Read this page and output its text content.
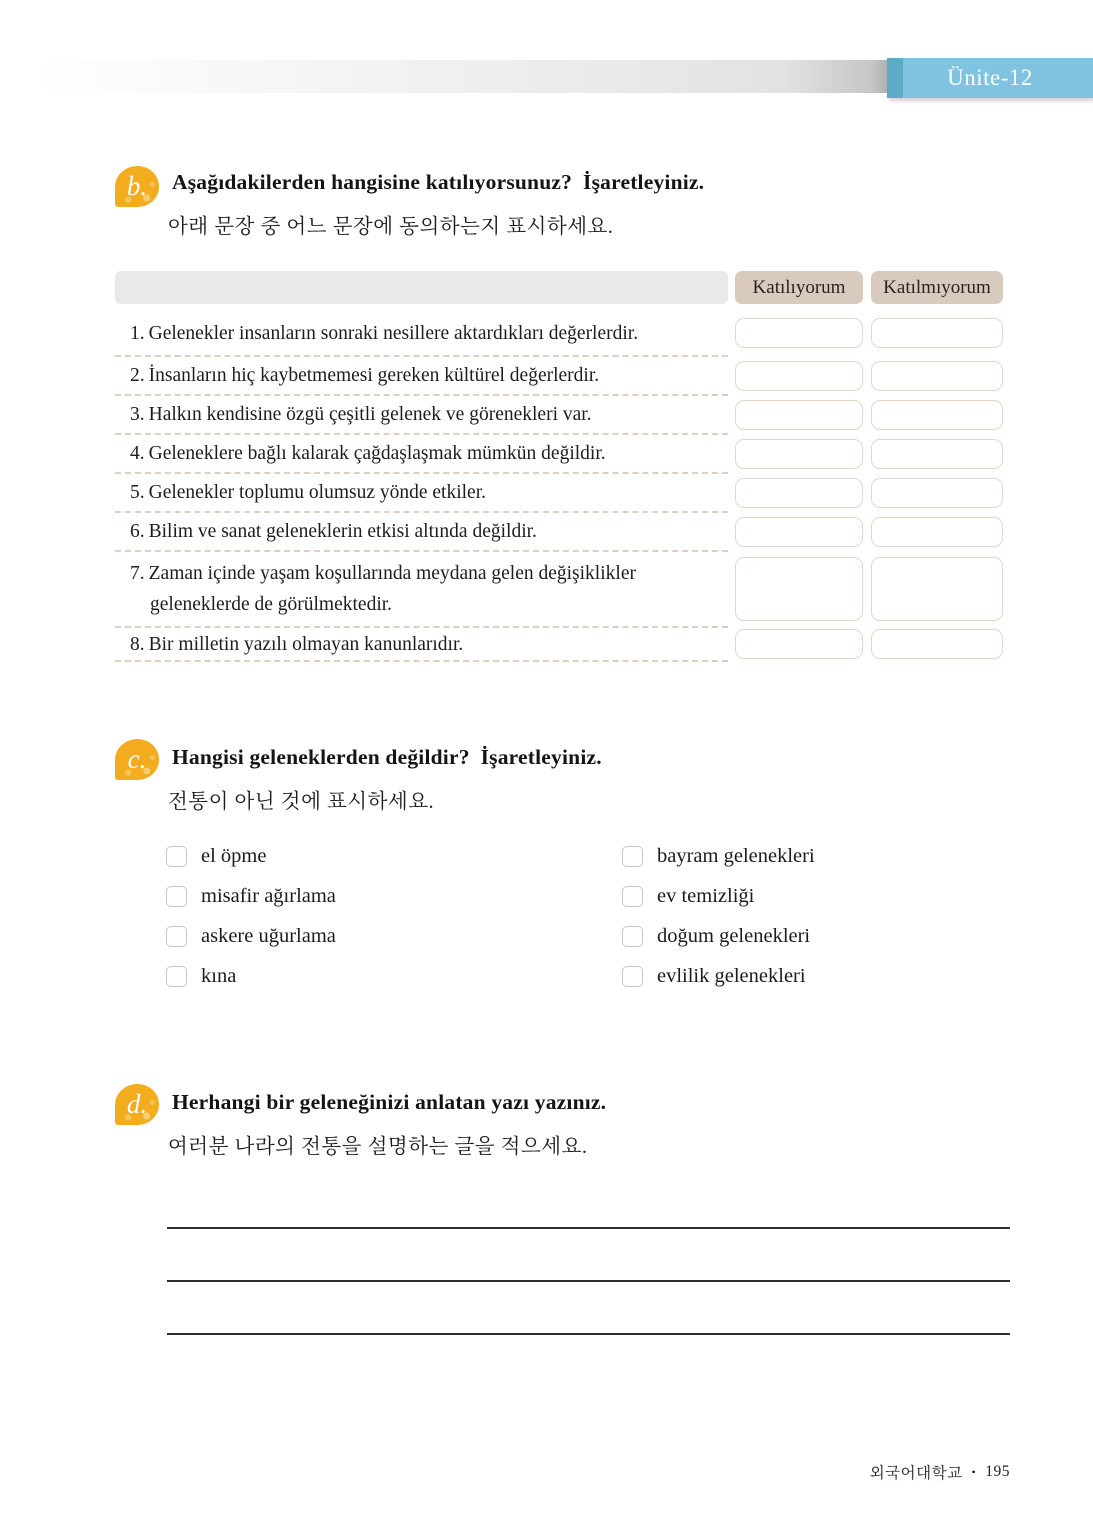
Ünite-12
b. Aşağıdakilerden hangisine katılıyorsunuz? İşaretleyiniz.
아래 문장 중 어느 문장에 동의하는지 표시하세요.
Katılıyorum	Katılmıyorum
1. Gelenekler insanların sonraki nesillere aktardıkları değerlerdir.
2. İnsanların hiç kaybetmemesi gereken kültürel değerlerdir.
3. Halkın kendisine özgü çeşitli gelenek ve görenekleri var.
4. Geleneklere bağlı kalarak çağdaşlaşmak mümkün değildir.
5. Gelenekler toplumu olumsuz yönde etkiler.
6. Bilim ve sanat geleneklerin etkisi altında değildir.
7. Zaman içinde yaşam koşullarında meydana gelen değişiklikler geleneklerde de görülmektedir.
8. Bir milletin yazılı olmayan kanunlarıdır.
c. Hangisi geleneklerden değildir? İşaretleyiniz.
전통이 아닌 것에 표시하세요.
el öpme
misafir ağırlama
askere uğurlama
kına
bayram gelenekleri
ev temizliği
doğum gelenekleri
evlilik gelenekleri
d. Herhangi bir geleneğinizi anlatan yazı yazınız.
여러분 나라의 전통을 설명하는 글을 적으세요.
외국어대학교 • 195
